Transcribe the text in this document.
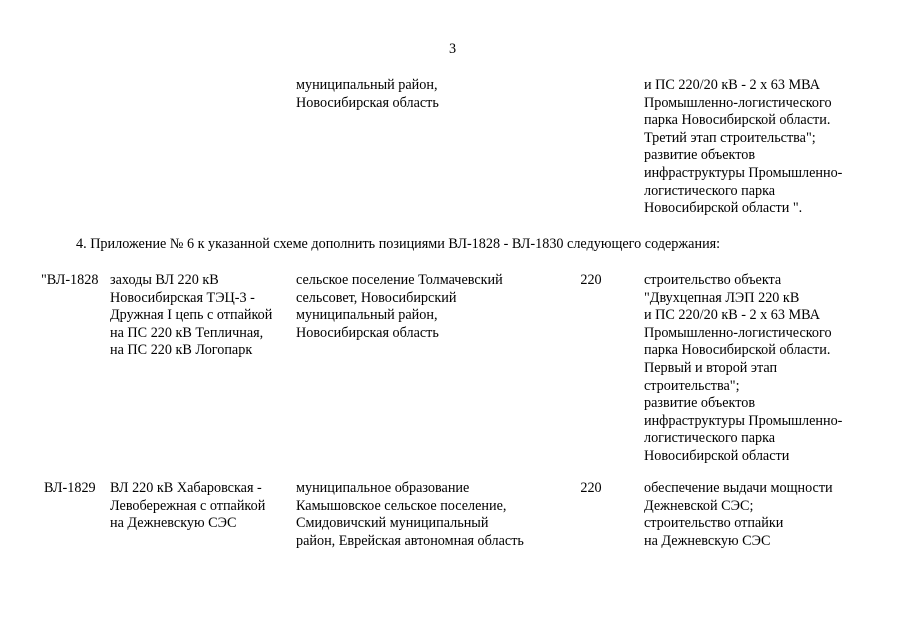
3
муниципальный район,
Новосибирская область
и ПС 220/20 кВ - 2 х 63 МВА
Промышленно-логистического
парка Новосибирской области.
Третий этап строительства";
развитие объектов
инфраструктуры Промышленно-
логистического парка
Новосибирской области ".
4. Приложение № 6 к указанной схеме дополнить позициями ВЛ-1828 - ВЛ-1830 следующего содержания:
"ВЛ-1828 заходы ВЛ 220 кВ
Новосибирская ТЭЦ-3 -
Дружная I цепь с отпайкой
на ПС 220 кВ Тепличная,
на ПС 220 кВ Логопарк
сельское поселение Толмачевский
сельсовет, Новосибирский
муниципальный район,
Новосибирская область
220	строительство объекта
"Двухцепная ЛЭП 220 кВ
и ПС 220/20 кВ - 2 х 63 МВА
Промышленно-логистического
парка Новосибирской области.
Первый и второй этап
строительства";
развитие объектов
инфраструктуры Промышленно-
логистического парка
Новосибирской области
ВЛ-1829 ВЛ 220 кВ Хабаровская -
Левобережная с отпайкой
на Дежневскую СЭС
муниципальное образование
Камышовское сельское поселение,
Смидовичский муниципальный
район, Еврейская автономная область
220	обеспечение выдачи мощности
Дежневской СЭС;
строительство отпайки
на Дежневскую СЭС
